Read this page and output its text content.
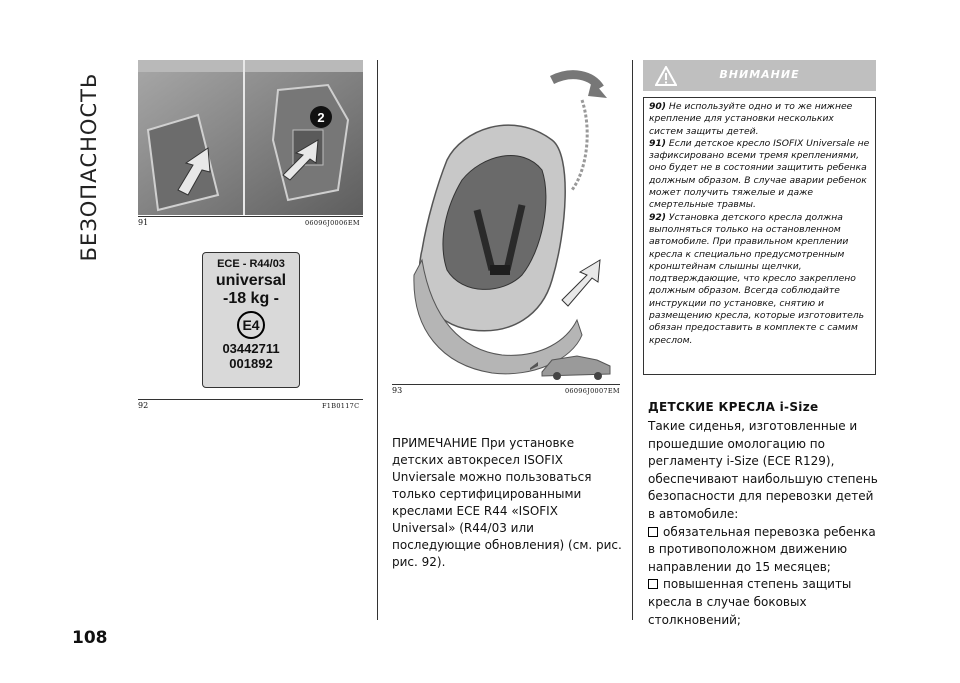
БЕЗОПАСНОСТЬ	2
91	06096J0006EM
ECE - R44/03
universal
-18 kg -
E4
03442711
001892
92	F1B0117C
93	06096J0007EM
ПРИМЕЧАНИЕ При установке детских автокресел ISOFIX Unviersale можно пользоваться только сертифицированными креслами ECE R44 «ISOFIX Universal» (R44/03 или последующие обновления) (см. рис. рис. 92).
ВНИМАНИЕ

90) Не используйте одно и то же нижнее крепление для установки нескольких систем защиты детей.

91) Если детское кресло ISOFIX Universale не зафиксировано всеми тремя креплениями, оно будет не в состоянии защитить ребенка должным образом. В случае аварии ребенок может получить тяжелые и даже смертельные травмы.

92) Установка детского кресла должна выполняться только на остановленном автомобиле. При правильном креплении кресла к специально предусмотренным кронштейнам слышны щелчки, подтверждающие, что кресло закреплено должным образом. Всегда соблюдайте инструкции по установке, снятию и размещению кресла, которые изготовитель обязан предоставить в комплекте с самим креслом.

ДЕТСКИЕ КРЕСЛА i-Size

Такие сиденья, изготовленные и прошедшие омологацию по регламенту i-Size (ECE R129), обеспечивают наибольшую степень безопасности для перевозки детей в автомобиле:

обязательная перевозка ребенка в противоположном движению направлении до 15 месяцев;

повышенная степень защиты кресла в случае боковых столкновений;

108
